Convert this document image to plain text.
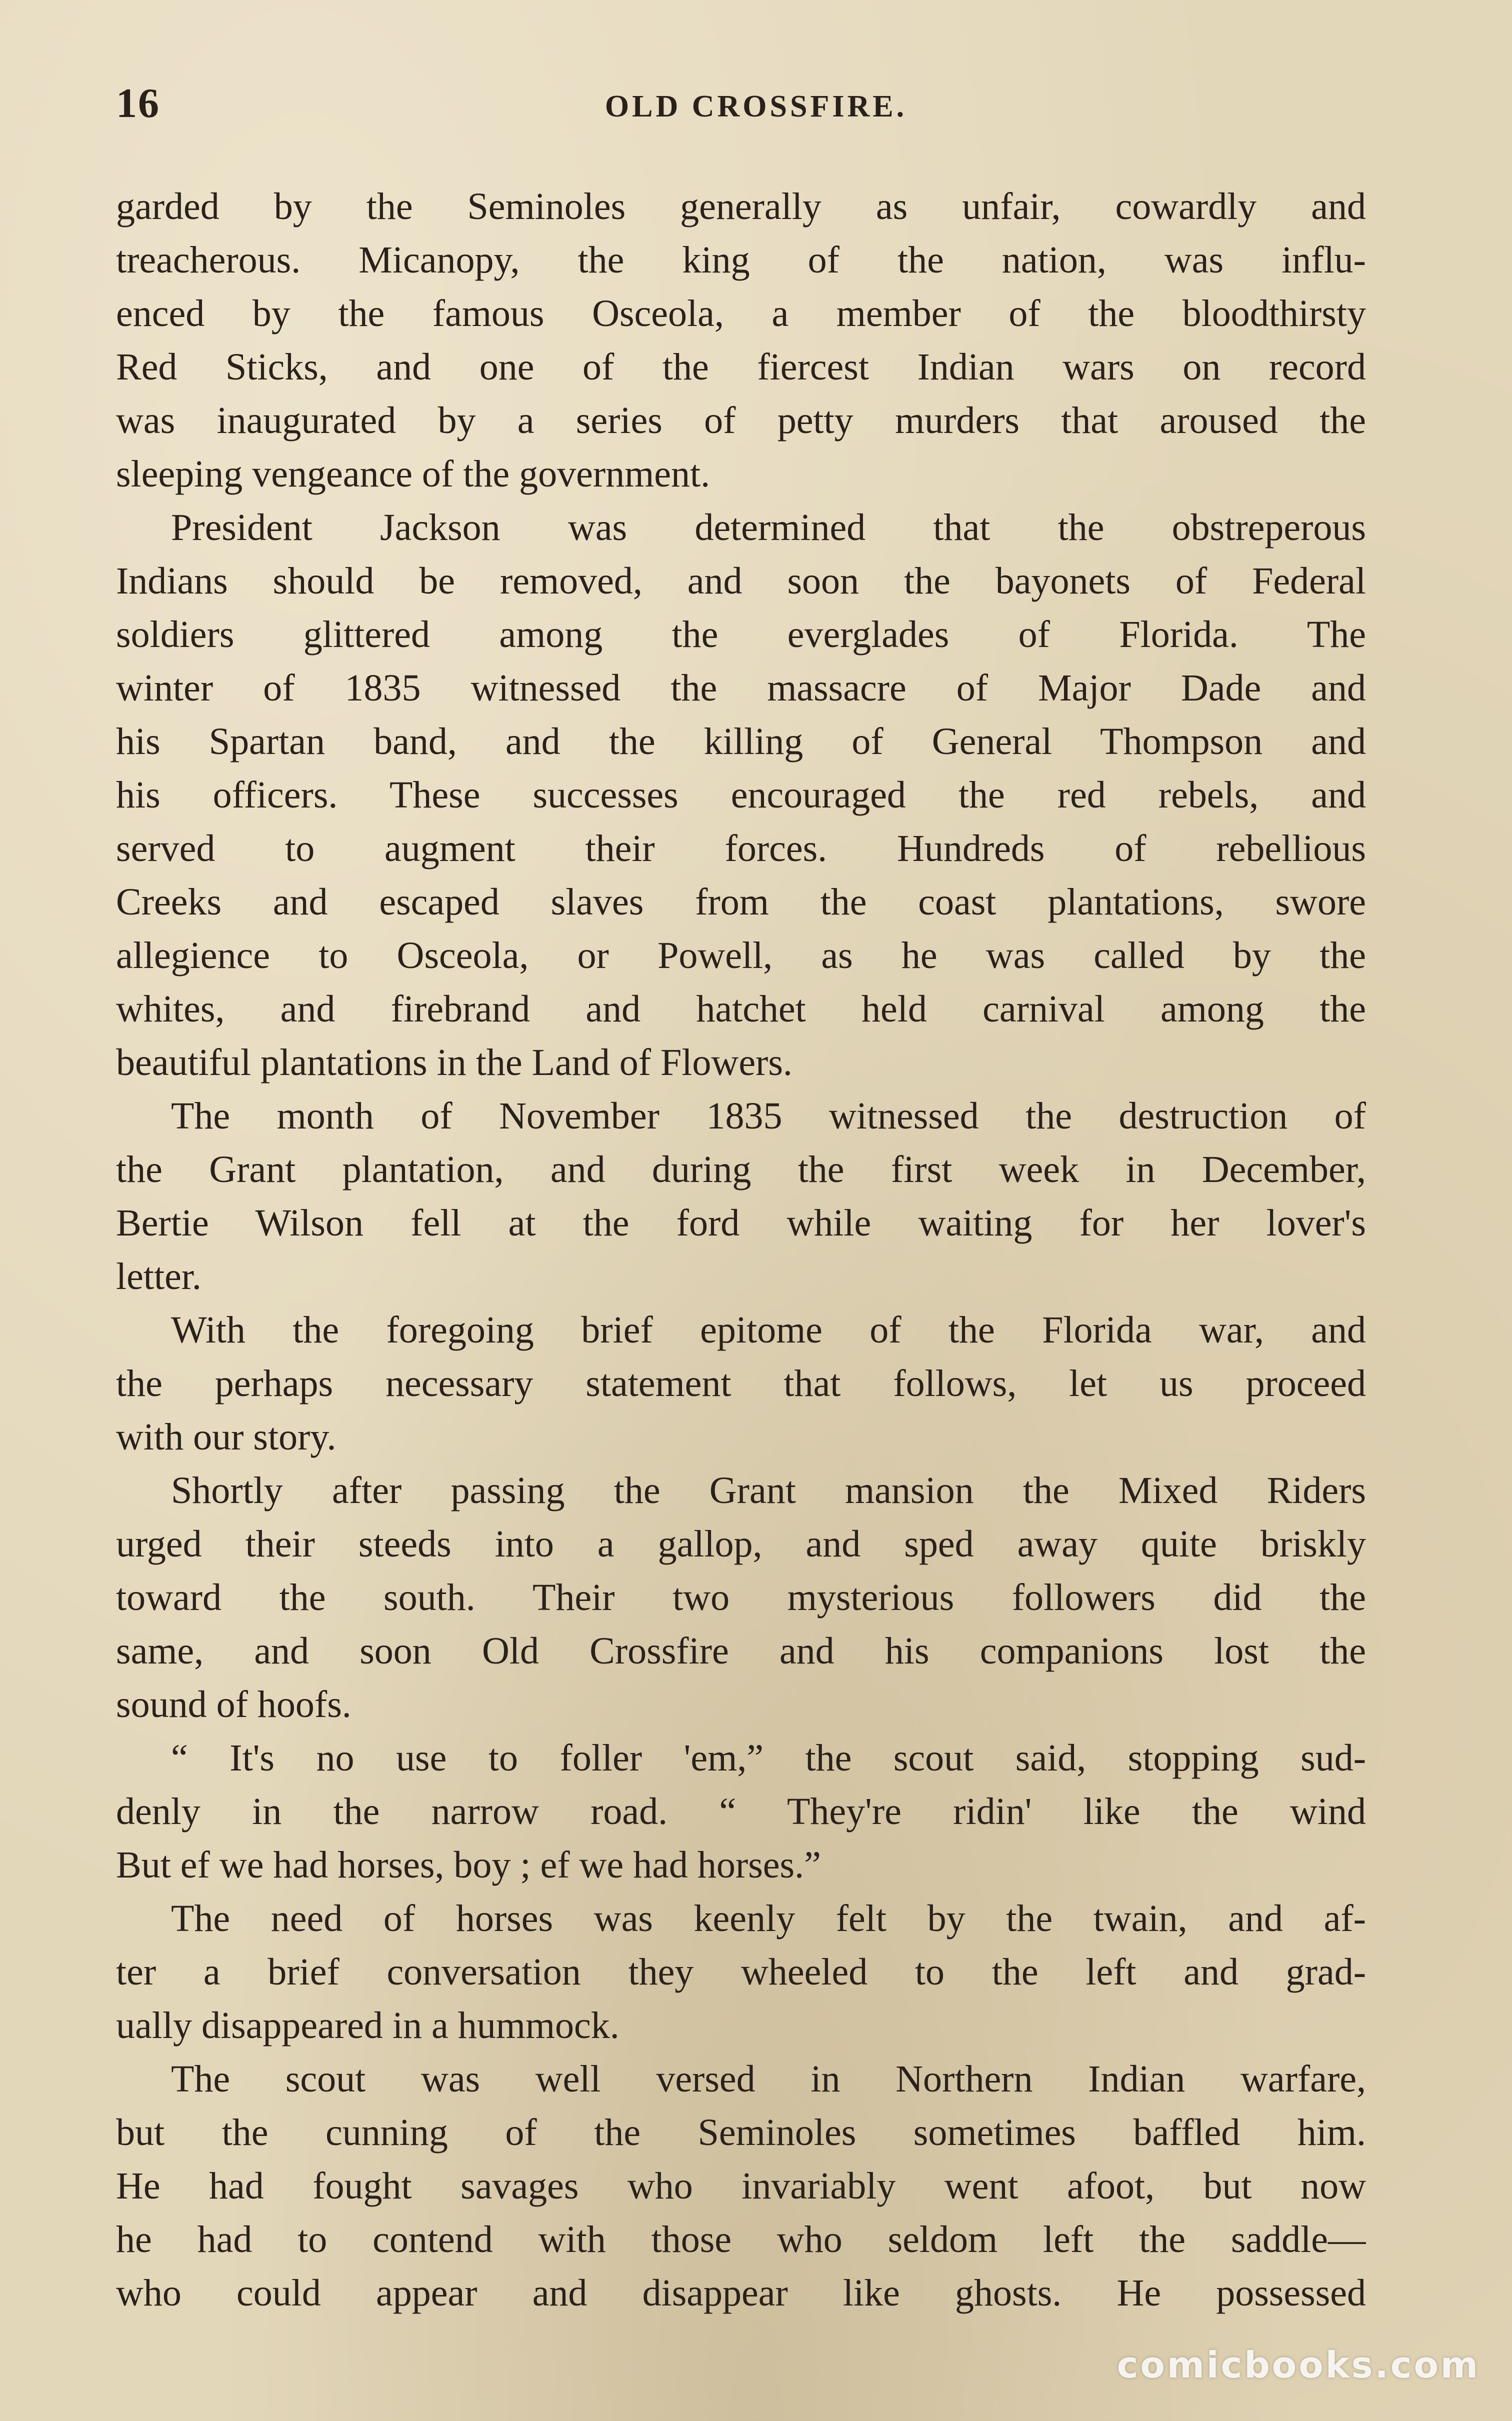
16	OLD CROSSFIRE.
garded by the Seminoles generally as unfair, cowardly and
treacherous. Micanopy, the king of the nation, was influ-
enced by the famous Osceola, a member of the bloodthirsty
Red Sticks, and one of the fiercest Indian wars on record
was inaugurated by a series of petty murders that aroused the
sleeping vengeance of the government.
President Jackson was determined that the obstreperous
Indians should be removed, and soon the bayonets of Federal
soldiers glittered among the everglades of Florida. The
winter of 1835 witnessed the massacre of Major Dade and
his Spartan band, and the killing of General Thompson and
his officers. These successes encouraged the red rebels, and
served to augment their forces. Hundreds of rebellious
Creeks and escaped slaves from the coast plantations, swore
allegience to Osceola, or Powell, as he was called by the
whites, and firebrand and hatchet held carnival among the
beautiful plantations in the Land of Flowers.
The month of November 1835 witnessed the destruction of
the Grant plantation, and during the first week in December,
Bertie Wilson fell at the ford while waiting for her lover's
letter.
With the foregoing brief epitome of the Florida war, and
the perhaps necessary statement that follows, let us proceed
with our story.
Shortly after passing the Grant mansion the Mixed Riders
urged their steeds into a gallop, and sped away quite briskly
toward the south. Their two mysterious followers did the
same, and soon Old Crossfire and his companions lost the
sound of hoofs.
“ It's no use to foller 'em,” the scout said, stopping sud-
denly in the narrow road. “ They're ridin' like the wind
But ef we had horses, boy ; ef we had horses.”
The need of horses was keenly felt by the twain, and af-
ter a brief conversation they wheeled to the left and grad-
ually disappeared in a hummock.
The scout was well versed in Northern Indian warfare,
but the cunning of the Seminoles sometimes baffled him.
He had fought savages who invariably went afoot, but now
he had to contend with those who seldom left the saddle—
who could appear and disappear like ghosts. He possessed
comicbooks.com
